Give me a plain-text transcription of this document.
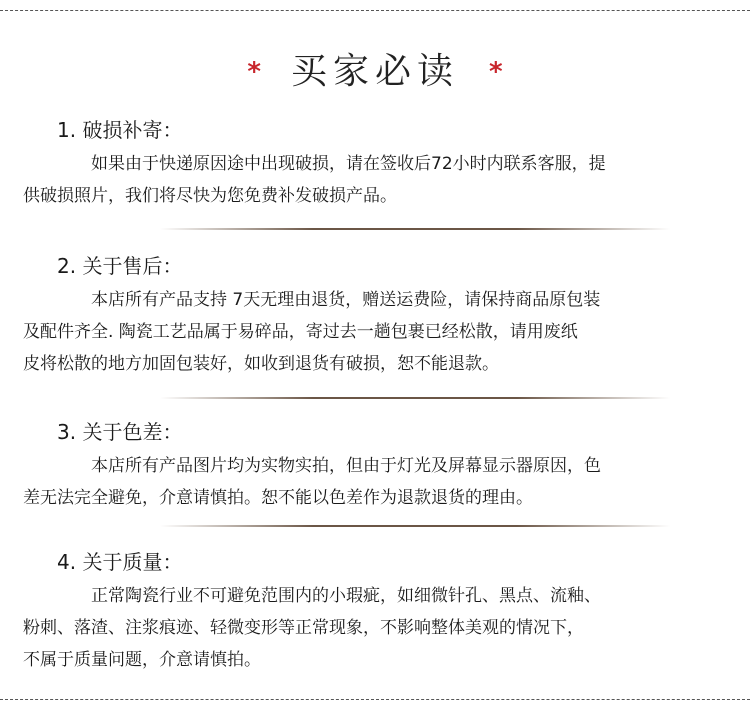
* 买家必读 *
1. 破损补寄：
如果由于快递原因途中出现破损，请在签收后72小时内联系客服，提
供破损照片，我们将尽快为您免费补发破损产品。
2. 关于售后：
本店所有产品支持 7天无理由退货，赠送运费险，请保持商品原包装
及配件齐全. 陶瓷工艺品属于易碎品，寄过去一趟包裹已经松散，请用废纸
皮将松散的地方加固包装好，如收到退货有破损，恕不能退款。
3. 关于色差：
本店所有产品图片均为实物实拍，但由于灯光及屏幕显示器原因，色
差无法完全避免，介意请慎拍。恕不能以色差作为退款退货的理由。
4. 关于质量：
正常陶瓷行业不可避免范围内的小瑕疵，如细微针孔、黑点、流釉、
粉刺、落渣、注浆痕迹、轻微变形等正常现象，不影响整体美观的情况下，
不属于质量问题，介意请慎拍。
